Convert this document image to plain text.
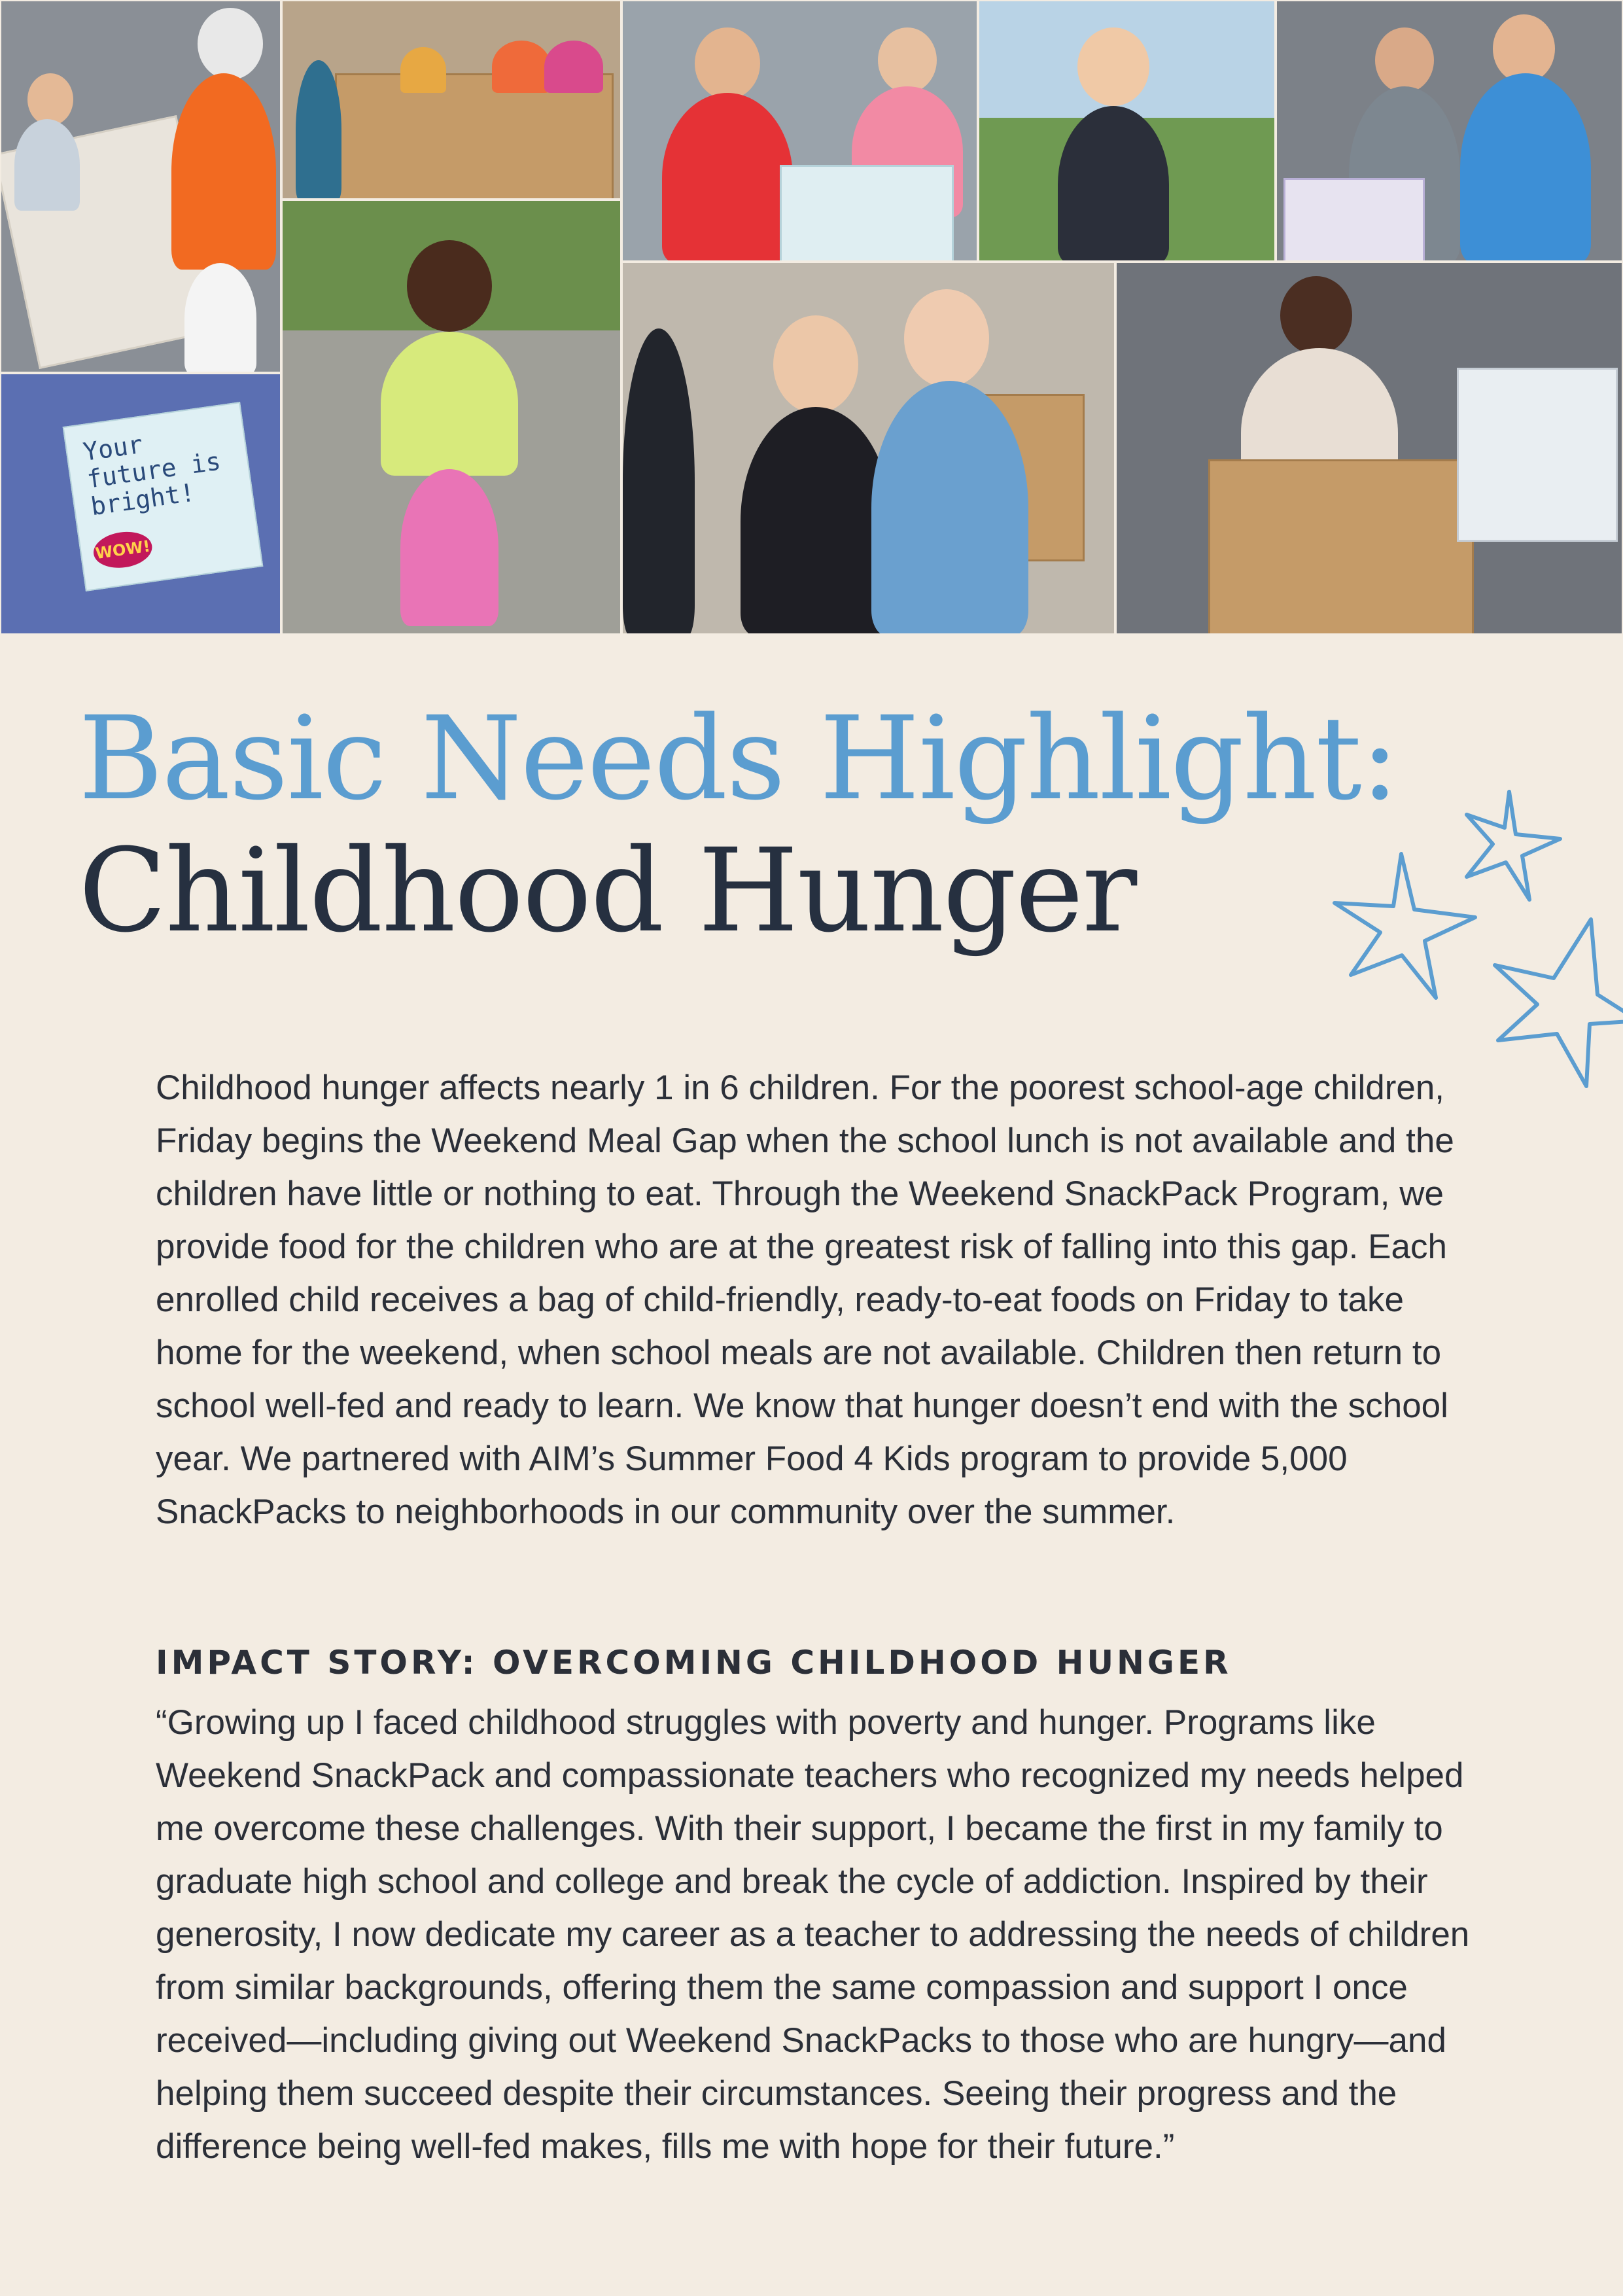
Your future is bright!
WOW!
Basic Needs Highlight:
Childhood Hunger

Childhood hunger affects nearly 1 in 6 children. For the poorest school-age children, Friday begins the Weekend Meal Gap when the school lunch is not available and the children have little or nothing to eat. Through the Weekend SnackPack Program, we provide food for the children who are at the greatest risk of falling into this gap. Each enrolled child receives a bag of child-friendly, ready-to-eat foods on Friday to take home for the weekend, when school meals are not available. Children then return to school well-fed and ready to learn. We know that hunger doesn’t end with the school year. We partnered with AIM’s Summer Food 4 Kids program to provide 5,000 SnackPacks to neighborhoods in our community over the summer.

IMPACT STORY: OVERCOMING CHILDHOOD HUNGER

“Growing up I faced childhood struggles with poverty and hunger. Programs like Weekend SnackPack and compassionate teachers who recognized my needs helped me overcome these challenges. With their support, I became the first in my family to graduate high school and college and break the cycle of addiction. Inspired by their generosity, I now dedicate my career as a teacher to addressing the needs of children from similar backgrounds, offering them the same compassion and support I once received—including giving out Weekend SnackPacks to those who are hungry—and helping them succeed despite their circumstances. Seeing their progress and the difference being well-fed makes, fills me with hope for their future.”
